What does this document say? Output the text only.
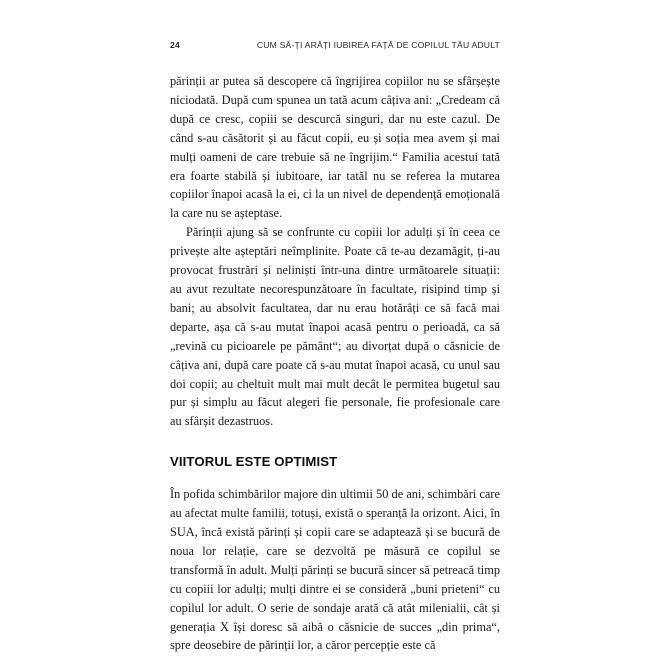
24	CUM SĂ-ȚI ARĂȚI IUBIREA FAȚĂ DE COPILUL TĂU ADULT

părinții ar putea să descopere că îngrijirea copiilor nu se sfârșește niciodată. După cum spunea un tată acum câțiva ani: „Credeam că după ce cresc, copiii se descurcă singuri, dar nu este cazul. De când s-au căsătorit și au făcut copii, eu și soția mea avem și mai mulți oameni de care trebuie să ne îngrijim.“ Familia acestui tată era foarte stabilă și iubitoare, iar tatăl nu se referea la mutarea copiilor înapoi acasă la ei, ci la un nivel de dependență emoțională la care nu se așteptase.

Părinții ajung să se confrunte cu copiii lor adulți și în ceea ce privește alte așteptări neîmplinite. Poate că te-au dezamăgit, ți-au provocat frustrări și neliniști într-una dintre următoarele situații: au avut rezultate necorespunzătoare în facultate, risipind timp și bani; au absolvit facultatea, dar nu erau hotărâți ce să facă mai departe, așa că s-au mutat înapoi acasă pentru o perioadă, ca să „revină cu picioarele pe pământ“; au divorțat după o căsnicie de câțiva ani, după care poate că s-au mutat înapoi acasă, cu unul sau doi copii; au cheltuit mult mai mult decât le permitea bugetul sau pur și simplu au făcut alegeri fie personale, fie profesionale care au sfârșit dezastruos.

VIITORUL ESTE OPTIMIST

În pofida schimbărilor majore din ultimii 50 de ani, schimbări care au afectat multe familii, totuși, există o speranță la orizont. Aici, în SUA, încă există părinți și copii care se adaptează și se bucură de noua lor relație, care se dezvoltă pe măsură ce copilul se transformă în adult. Mulți părinți se bucură sincer să petreacă timp cu copiii lor adulți; mulți dintre ei se consideră „buni prieteni“ cu copilul lor adult. O serie de sondaje arată că atât milenialii, cât și generația X își doresc să aibă o căsnicie de succes „din prima“, spre deosebire de părinții lor, a căror percepție este că
